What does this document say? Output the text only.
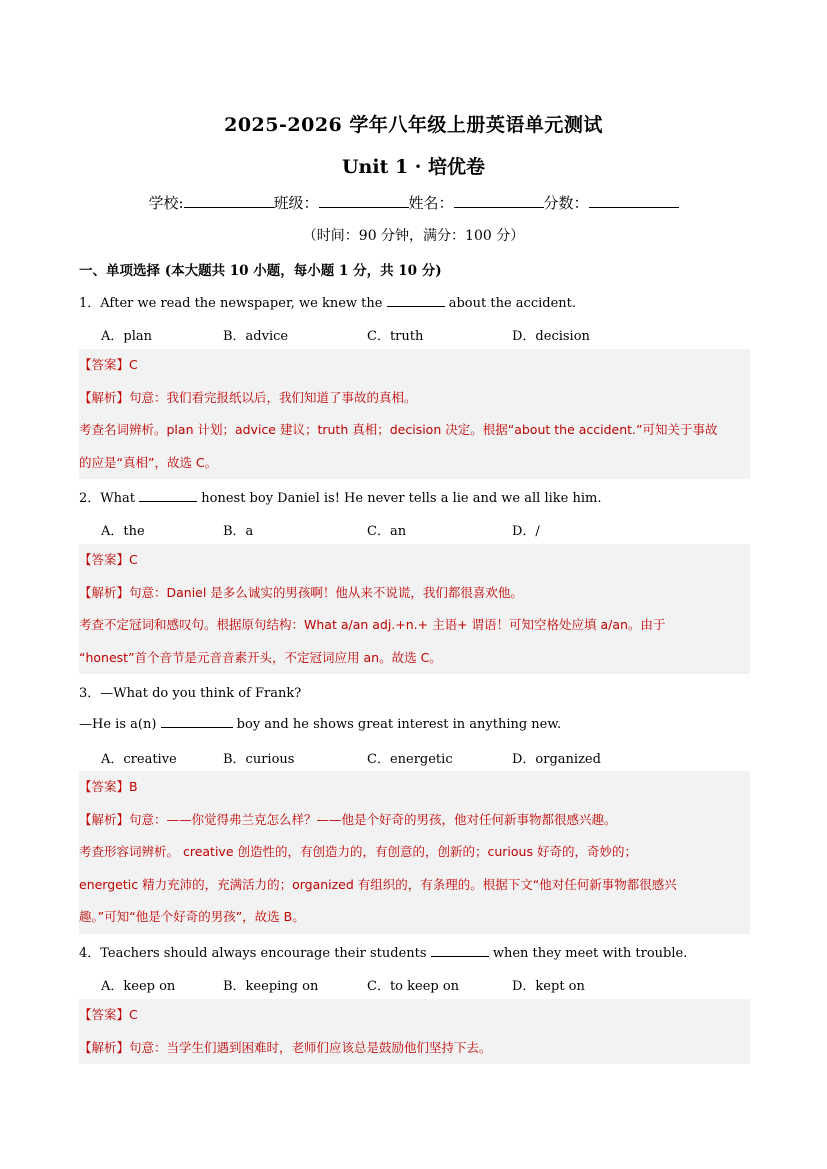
2025-2026 学年八年级上册英语单元测试
Unit 1 · 培优卷
学校:	班级：	姓名：	分数：
（时间：90 分钟，满分：100 分）
一、单项选择 (本大题共 10 小题，每小题 1 分，共 10 分)
1．After we read the newspaper, we knew the	about the accident.
A．plan	B．advice	C．truth	D．decision
【答案】C
【解析】句意：我们看完报纸以后，我们知道了事故的真相。
考查名词辨析。plan 计划；advice 建议；truth 真相；decision 决定。根据“about the accident.”可知关于事故
的应是“真相”，故选 C。
2．What	honest boy Daniel is! He never tells a lie and we all like him.
A．the	B．a	C．an	D．/
【答案】C
【解析】句意：Daniel 是多么诚实的男孩啊！他从来不说谎，我们都很喜欢他。
考查不定冠词和感叹句。根据原句结构：What a/an adj.+n.+ 主语+ 谓语！可知空格处应填 a/an。由于
“honest”首个音节是元音音素开头，不定冠词应用 an。故选 C。
3．—What do you think of Frank?
—He is a(n)	boy and he shows great interest in anything new.
A．creative	B．curious	C．energetic	D．organized
【答案】B
【解析】句意：——你觉得弗兰克怎么样？——他是个好奇的男孩，他对任何新事物都很感兴趣。
考查形容词辨析。 creative 创造性的，有创造力的，有创意的，创新的；curious 好奇的，奇妙的；
energetic 精力充沛的，充满活力的；organized 有组织的，有条理的。根据下文“他对任何新事物都很感兴
趣。”可知“他是个好奇的男孩”，故选 B。
4．Teachers should always encourage their students	when they meet with trouble.
A．keep on	B．keeping on	C．to keep on	D．kept on
【答案】C
【解析】句意：当学生们遇到困难时，老师们应该总是鼓励他们坚持下去。
